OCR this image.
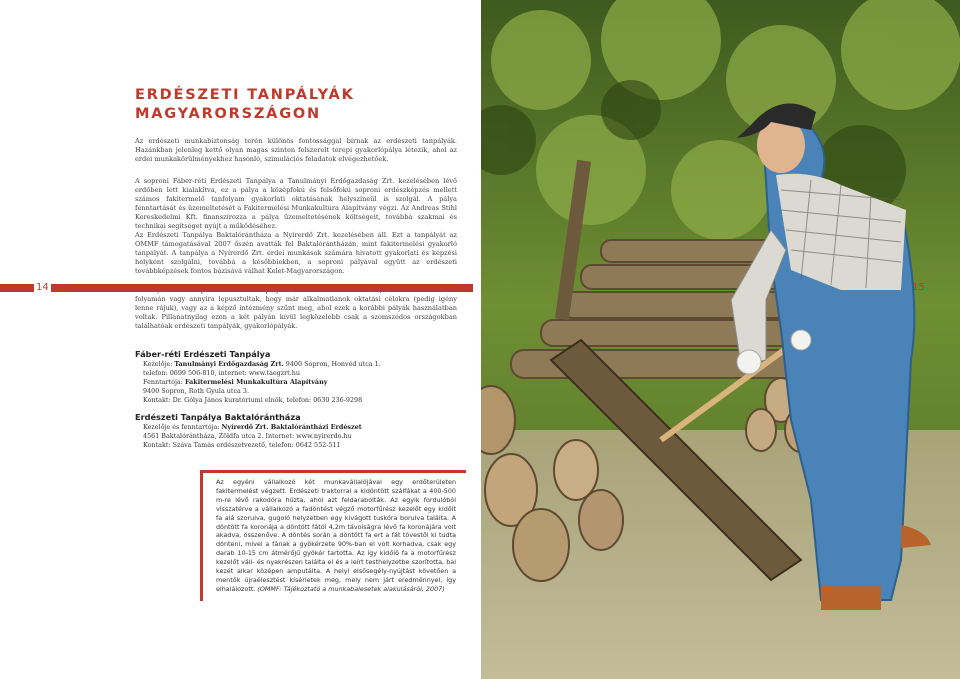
ERDÉSZETI TANPÁLYÁK
MAGYARORSZÁGON

Az erdészeti munkabiztonság terén különös fontossággal bírnak az erdészeti tanpályák. Hazánkban jelenleg kettő olyan magas szinten felszerelt terepi gyakorlópálya létezik, ahol az erdei munkakörülményekhez hasonló, szimulációs feladatok elvégezhetőek.

A soproni Fáber-réti Erdészeti Tanpálya a Tanulmányi Erdőgazdaság Zrt. kezelésében lévő erdőben lett kialakítva, ez a pálya a középfokú és felsőfokú soproni erdészképzés mellett számos fakitermelő tanfolyam gyakorlati oktatásának helyszíneül is szolgál. A pálya fenntartását és üzemeltetését a Fakitermelési Munkakultúra Alapítvány végzi. Az Andreas Stihl Kereskedelmi Kft. finanszírozza a pálya üzemeltetésének költségeit, továbbá szakmai és technikai segítséget nyújt a működéséhez.

Az Erdészeti Tanpálya Baktalórántháza a Nyírerdő Zrt. kezelésében áll. Ezt a tanpályát az OMMF támogatásával 2007 őszén avatták fel Baktalórántházán, mint fakitermelési gyakorló tanpályát. A tanpálya a Nyírerdő Zrt. erdei munkások számára hivatott gyakorlati és képzési helyként szolgálni, továbbá a későbbiekben, a soproni pályával együtt az erdészeti továbbképzések fontos bázisává válhat Kelet-Magyarországon.

folyamán vagy annyira lepusztultak, hogy már alkalmatlanok oktatási célokra (pedig igény lenne rájuk), vagy az a képző intézmény szűnt meg, ahol ezek a korábbi pályák használatban voltak. Pillanatnyilag ezen a két pályán kívül legközelebb csak a szomszédos országokban találhatóak erdészeti tanpályák, gyakorlópályák.

14
Fáber-réti Erdészeti Tanpálya
Kezelője: Tanulmányi Erdőgazdaság Zrt. 9400 Sopron, Honvéd utca 1.
telefon: 0699 506-810, internet: www.taegzrt.hu
Fenntartója: Fakitermelési Munkakultúra Alapítvány
9400 Sopron, Roth Gyula utca 3.
Kontakt: Dr. Gólya János kuratóriumi elnök, telefon: 0630 236-9298
Erdészeti Tanpálya Baktalórántháza
Kezelője és fenntartója: Nyírerdő Zrt. Baktalórántházi Erdészet
4561 Baktalórántháza, Zöldfa utca 2. Internet: www.nyirerdo.hu
Kontakt: Száva Tamás erdészetvezető, telefon: 0642 552-511

Az egyéni vállalkozó két munkavállalójával egy erdőterületen fakitermelést végzett. Erdészeti traktorral a kidöntött szálfákat a 400-500 m-re lévő rakodóra húzta, ahol azt feldarabolták. Az egyik fordulóból visszatérve a vállalkozó a fadöntést végző motorfűrész kezelőt egy kidőlt fa alá szorulva, gugoló helyzetben egy kivágott tuskóra borulva találta. A döntött fa koronája a döntött fától 4,2m távolságra lévő fa koronájára volt akadva, összenőve. A döntés során a döntött fa ert a fát tövestől ki tudta dönteni, mivel a fának a gyökérzete 90%-ban el volt korhadva, csak egy darab 10-15 cm átmérőjű gyökér tartotta. Az így kidőlő fa a motorfűrész kezelőt váll- és nyakrészen találta el és a leírt testhelyzetbe szorította, bal kezét alkar középen amputálta. A helyi elsősegély-nyújtást követően a mentők újraélesztést kísérletek meg, mely nem járt eredménnyel, így elhalálozott. (OMMF: Tájékoztató a munkabalesetek alakulásáról, 2007)

15
